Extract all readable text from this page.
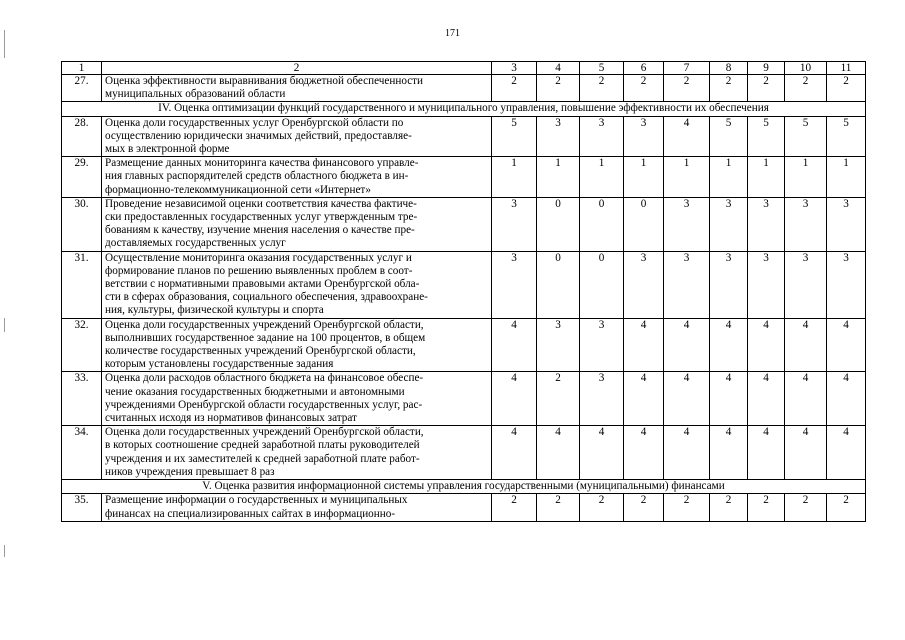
171
1	2	3	4	5	6	7	8	9	10	11
27.	Оценка эффективности выравнивания бюджетной обеспеченности
муниципальных образований области	2	2	2	2	2	2	2	2	2
IV. Оценка оптимизации функций государственного и муниципального управления, повышение эффективности их обеспечения										
28.	Оценка доли государственных услуг Оренбургской области по
осуществлению юридически значимых действий, предоставляе-
мых в электронной форме	5	3	3	3	4	5	5	5	5
29.	Размещение данных мониторинга качества финансового управле-
ния главных распорядителей средств областного бюджета в ин-
формационно-телекоммуникационной сети «Интернет»	1	1	1	1	1	1	1	1	1
30.	Проведение независимой оценки соответствия качества фактиче-
ски предоставленных государственных услуг утвержденным тре-
бованиям к качеству, изучение мнения населения о качестве пре-
доставляемых государственных услуг	3	0	0	0	3	3	3	3	3
31.	Осуществление мониторинга оказания государственных услуг и
формирование планов по решению выявленных проблем в соот-
ветствии с нормативными правовыми актами Оренбургской обла-
сти в сферах образования, социального обеспечения, здравоохране-
ния, культуры, физической культуры и спорта	3	0	0	3	3	3	3	3	3
32.	Оценка доли государственных учреждений Оренбургской области,
выполнивших государственное задание на 100 процентов, в общем
количестве государственных учреждений Оренбургской области,
которым установлены государственные задания	4	3	3	4	4	4	4	4	4
33.	Оценка доли расходов областного бюджета на финансовое обеспе-
чение оказания государственных бюджетными и автономными
учреждениями Оренбургской области государственных услуг, рас-
считанных исходя из нормативов финансовых затрат	4	2	3	4	4	4	4	4	4
34.	Оценка доли государственных учреждений Оренбургской области,
в которых соотношение средней заработной платы руководителей
учреждения и их заместителей к средней заработной плате работ-
ников учреждения превышает 8 раз	4	4	4	4	4	4	4	4	4
V. Оценка развития информационной системы управления государственными (муниципальными) финансами										
35.	Размещение информации о государственных и муниципальных
финансах на специализированных сайтах в информационно-	2	2	2	2	2	2	2	2	2
